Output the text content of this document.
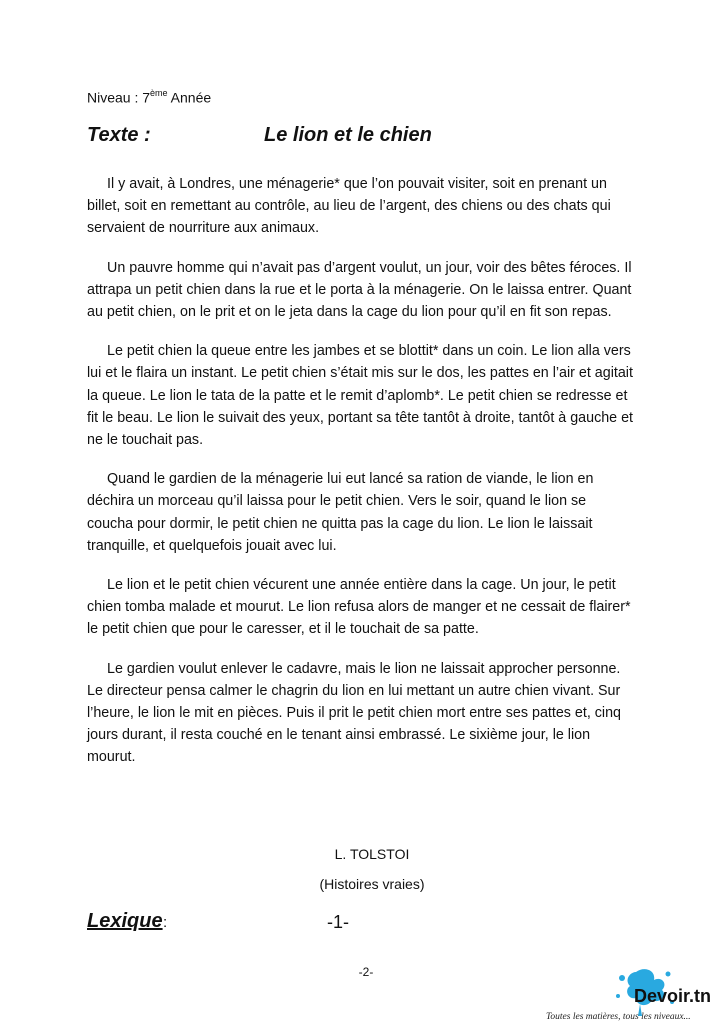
Niveau : 7ème Année
Texte :	Le lion et le chien

Il y avait, à Londres, une ménagerie* que l’on pouvait visiter, soit en prenant un billet, soit en remettant au contrôle, au lieu de l’argent, des chiens ou des chats qui servaient de nourriture aux animaux.

Un pauvre homme qui n’avait pas d’argent voulut, un jour, voir des bêtes féroces. Il attrapa un petit chien dans la rue et le porta à la ménagerie. On le laissa entrer. Quant au petit chien, on le prit et on le jeta dans la cage du lion pour qu’il en fit son repas.

Le petit chien la queue entre les jambes et se blottit* dans un coin. Le lion alla vers lui et le flaira un instant. Le petit chien s’était mis sur le dos, les pattes en l’air et agitait la queue. Le lion le tata de la patte et le remit d’aplomb*. Le petit chien se redresse et fit le beau. Le lion le suivait des yeux, portant sa tête tantôt à droite, tantôt à gauche et ne le touchait pas.

Quand le gardien de la ménagerie lui eut lancé sa ration de viande, le lion en déchira un morceau qu’il laissa pour le petit chien. Vers le soir, quand le lion se coucha pour dormir, le petit chien ne quitta pas la cage du lion. Le lion le laissait tranquille, et quelquefois jouait avec lui.

Le lion et le petit chien vécurent une année entière dans la cage. Un jour, le petit chien tomba malade et mourut. Le lion refusa alors de manger et ne cessait de flairer* le petit chien que pour le caresser, et il le touchait de sa patte.

Le gardien voulut enlever le cadavre, mais le lion ne laissait approcher personne. Le directeur pensa calmer le chagrin du lion en lui mettant un autre chien vivant. Sur l’heure, le lion le mit en pièces. Puis il prit le petit chien mort entre ses pattes et, cinq jours durant, il resta couché en le tenant ainsi embrassé. Le sixième jour, le lion mourut.

L. TOLSTOI
(Histoires vraies)
Lexique :	-1-
-2-
Devoir.tn
Toutes les matières, tous les niveaux...
